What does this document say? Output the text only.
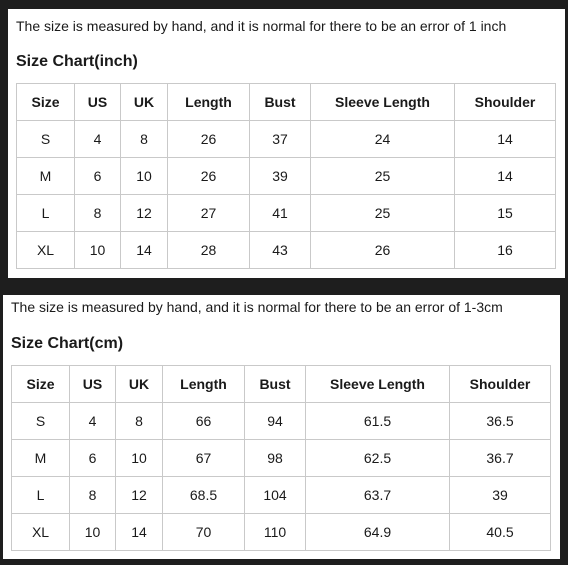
The size is measured by hand, and it is normal for there to be an error of 1 inch
Size Chart(inch)
Size	US	UK	Length	Bust	Sleeve Length	Shoulder
S	4	8	26	37	24	14
M	6	10	26	39	25	14
L	8	12	27	41	25	15
XL	10	14	28	43	26	16
The size is measured by hand, and it is normal for there to be an error of 1-3cm
Size Chart(cm)
Size	US	UK	Length	Bust	Sleeve Length	Shoulder
S	4	8	66	94	61.5	36.5
M	6	10	67	98	62.5	36.7
L	8	12	68.5	104	63.7	39
XL	10	14	70	110	64.9	40.5
